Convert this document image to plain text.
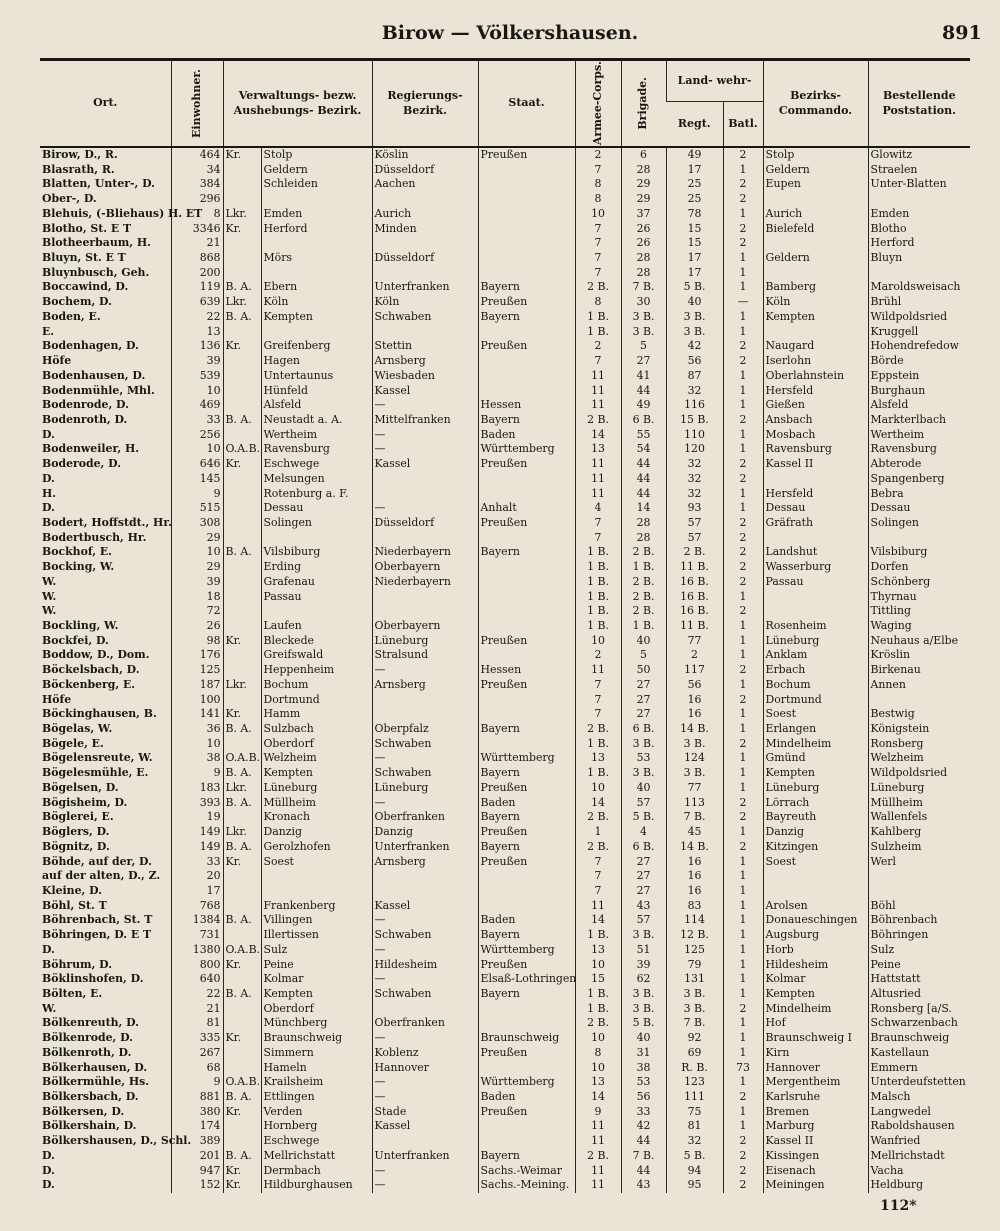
Birow — Völkershausen.	891
Ort.	Einwohner.	Verwaltungs- bezw. Aushebungs- Bezirk.		Regierungs- Bezirk.	Staat.	Armee-Corps.	Brigade.	Land- wehr-		Bezirks- Commando.	Bestellende Poststation.
								Regt.	Batl.		
Birow, D., R.	464	Kr.	Stolp	Köslin	Preußen	2	6	49	2	Stolp	Glowitz
Blasrath, R.	34		Geldern	Düsseldorf		7	28	17	1	Geldern	Straelen
Blatten, Unter-, D.	384		Schleiden	Aachen		8	29	25	2	Eupen	Unter-Blatten
Ober-, D.	296					8	29	25	2		
Blehuis, (-Bliehaus) H. ET	8	Lkr.	Emden	Aurich		10	37	78	1	Aurich	Emden
Blotho, St. E T	3346	Kr.	Herford	Minden		7	26	15	2	Bielefeld	Blotho
Blotheerbaum, H.	21					7	26	15	2		Herford
Bluyn, St. E T	868		Mörs	Düsseldorf		7	28	17	1	Geldern	Bluyn
Bluynbusch, Geh.	200					7	28	17	1		
Boccawind, D.	119	B. A.	Ebern	Unterfranken	Bayern	2 B.	7 B.	5 B.	1	Bamberg	Maroldsweisach
Bochem, D.	639	Lkr.	Köln	Köln	Preußen	8	30	40	—	Köln	Brühl
Boden, E.	22	B. A.	Kempten	Schwaben	Bayern	1 B.	3 B.	3 B.	1	Kempten	Wildpoldsried
E.	13					1 B.	3 B.	3 B.	1		Kruggell
Bodenhagen, D.	136	Kr.	Greifenberg	Stettin	Preußen	2	5	42	2	Naugard	Hohendrefedow
Höfe	39		Hagen	Arnsberg		7	27	56	2	Iserlohn	Börde
Bodenhausen, D.	539		Untertaunus	Wiesbaden		11	41	87	1	Oberlahnstein	Eppstein
Bodenmühle, Mhl.	10		Hünfeld	Kassel		11	44	32	1	Hersfeld	Burghaun
Bodenrode, D.	469		Alsfeld	—	Hessen	11	49	116	1	Gießen	Alsfeld
Bodenroth, D.	33	B. A.	Neustadt a. A.	Mittelfranken	Bayern	2 B.	6 B.	15 B.	2	Ansbach	Markterlbach
D.	256		Wertheim	—	Baden	14	55	110	1	Mosbach	Wertheim
Bodenweiler, H.	10	O.A.B.	Ravensburg	—	Württemberg	13	54	120	1	Ravensburg	Ravensburg
Boderode, D.	646	Kr.	Eschwege	Kassel	Preußen	11	44	32	2	Kassel II	Abterode
D.	145		Melsungen			11	44	32	2		Spangenberg
H.	9		Rotenburg a. F.			11	44	32	1	Hersfeld	Bebra
D.	515		Dessau	—	Anhalt	4	14	93	1	Dessau	Dessau
Bodert, Hoffstdt., Hr.	308		Solingen	Düsseldorf	Preußen	7	28	57	2	Gräfrath	Solingen
Bodertbusch, Hr.	29					7	28	57	2		
Bockhof, E.	10	B. A.	Vilsbiburg	Niederbayern	Bayern	1 B.	2 B.	2 B.	2	Landshut	Vilsbiburg
Bocking, W.	29		Erding	Oberbayern		1 B.	1 B.	11 B.	2	Wasserburg	Dorfen
W.	39		Grafenau	Niederbayern		1 B.	2 B.	16 B.	2	Passau	Schönberg
W.	18		Passau			1 B.	2 B.	16 B.	1		Thyrnau
W.	72					1 B.	2 B.	16 B.	2		Tittling
Bockling, W.	26		Laufen	Oberbayern		1 B.	1 B.	11 B.	1	Rosenheim	Waging
Bockfei, D.	98	Kr.	Bleckede	Lüneburg	Preußen	10	40	77	1	Lüneburg	Neuhaus a/Elbe
Boddow, D., Dom.	176		Greifswald	Stralsund		2	5	2	1	Anklam	Kröslin
Böckelsbach, D.	125		Heppenheim	—	Hessen	11	50	117	2	Erbach	Birkenau
Böckenberg, E.	187	Lkr.	Bochum	Arnsberg	Preußen	7	27	56	1	Bochum	Annen
Höfe	100		Dortmund			7	27	16	2	Dortmund	
Böckinghausen, B.	141	Kr.	Hamm			7	27	16	1	Soest	Bestwig
Bögelas, W.	36	B. A.	Sulzbach	Oberpfalz	Bayern	2 B.	6 B.	14 B.	1	Erlangen	Königstein
Bögele, E.	10		Oberdorf	Schwaben		1 B.	3 B.	3 B.	2	Mindelheim	Ronsberg
Bögelensreute, W.	38	O.A.B.	Welzheim	—	Württemberg	13	53	124	1	Gmünd	Welzheim
Bögelesmühle, E.	9	B. A.	Kempten	Schwaben	Bayern	1 B.	3 B.	3 B.	1	Kempten	Wildpoldsried
Bögelsen, D.	183	Lkr.	Lüneburg	Lüneburg	Preußen	10	40	77	1	Lüneburg	Lüneburg
Bögisheim, D.	393	B. A.	Müllheim	—	Baden	14	57	113	2	Lörrach	Müllheim
Böglerei, E.	19		Kronach	Oberfranken	Bayern	2 B.	5 B.	7 B.	2	Bayreuth	Wallenfels
Böglers, D.	149	Lkr.	Danzig	Danzig	Preußen	1	4	45	1	Danzig	Kahlberg
Bögnitz, D.	149	B. A.	Gerolzhofen	Unterfranken	Bayern	2 B.	6 B.	14 B.	2	Kitzingen	Sulzheim
Böhde, auf der, D.	33	Kr.	Soest	Arnsberg	Preußen	7	27	16	1	Soest	Werl
auf der alten, D., Z.	20					7	27	16	1		
Kleine, D.	17					7	27	16	1		
Böhl, St. T	768		Frankenberg	Kassel		11	43	83	1	Arolsen	Böhl
Böhrenbach, St. T	1384	B. A.	Villingen	—	Baden	14	57	114	1	Donaueschingen	Böhrenbach
Böhringen, D. E T	731		Illertissen	Schwaben	Bayern	1 B.	3 B.	12 B.	1	Augsburg	Böhringen
D.	1380	O.A.B.	Sulz	—	Württemberg	13	51	125	1	Horb	Sulz
Böhrum, D.	800	Kr.	Peine	Hildesheim	Preußen	10	39	79	1	Hildesheim	Peine
Böklinshofen, D.	640		Kolmar	—	Elsaß-Lothringen	15	62	131	1	Kolmar	Hattstatt
Bölten, E.	22	B. A.	Kempten	Schwaben	Bayern	1 B.	3 B.	3 B.	1	Kempten	Altusried
W.	21		Oberdorf			1 B.	3 B.	3 B.	2	Mindelheim	Ronsberg [a/S.
Bölkenreuth, D.	81		Münchberg	Oberfranken		2 B.	5 B.	7 B.	1	Hof	Schwarzenbach
Bölkenrode, D.	335	Kr.	Braunschweig	—	Braunschweig	10	40	92	1	Braunschweig I	Braunschweig
Bölkenroth, D.	267		Simmern	Koblenz	Preußen	8	31	69	1	Kirn	Kastellaun
Bölkerhausen, D.	68		Hameln	Hannover		10	38	R. B.	73	Hannover	Emmern
Bölkermühle, Hs.	9	O.A.B.	Krailsheim	—	Württemberg	13	53	123	1	Mergentheim	Unterdeufstetten
Bölkersbach, D.	881	B. A.	Ettlingen	—	Baden	14	56	111	2	Karlsruhe	Malsch
Bölkersen, D.	380	Kr.	Verden	Stade	Preußen	9	33	75	1	Bremen	Langwedel
Bölkershain, D.	174		Hornberg	Kassel		11	42	81	1	Marburg	Raboldshausen
Bölkershausen, D., Schl.	389		Eschwege			11	44	32	2	Kassel II	Wanfried
D.	201	B. A.	Mellrichstatt	Unterfranken	Bayern	2 B.	7 B.	5 B.	2	Kissingen	Mellrichstadt
D.	947	Kr.	Dermbach	—	Sachs.-Weimar	11	44	94	2	Eisenach	Vacha
D.	152	Kr.	Hildburghausen	—	Sachs.-Meining.	11	43	95	2	Meiningen	Heldburg
112*
